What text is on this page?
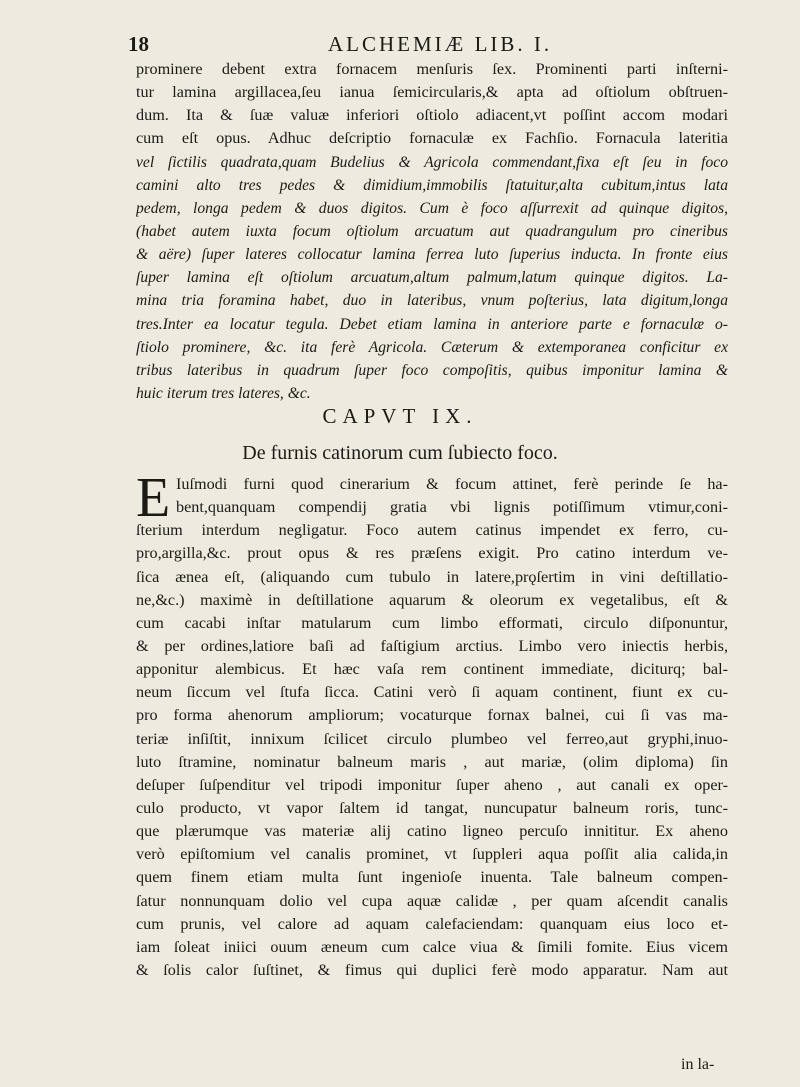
18	ALCHEMIÆ LIB. I.
prominere debent extra fornacem menſuris ſex. Prominenti parti inſterni-
tur lamina argillacea,ſeu ianua ſemicircularis,& apta ad oſtiolum obſtruen-
dum. Ita & ſuæ valuæ inferiori oſtiolo adiacent,vt poſſint accom modari
cum eſt opus. Adhuc deſcriptio fornaculæ ex Fachſio. Fornacula lateritia
vel ſictilis quadrata,quam Budelius & Agricola commendant,fixa eſt ſeu in foco
camini alto tres pedes & dimidium,immobilis ſtatuitur,alta cubitum,intus lata
pedem, longa pedem & duos digitos. Cum è foco aſſurrexit ad quinque digitos,
(habet autem iuxta focum oſtiolum arcuatum aut quadrangulum pro cineribus
& aëre) ſuper lateres collocatur lamina ferrea luto ſuperius inducta. In fronte eius
ſuper lamina eſt oſtiolum arcuatum,altum palmum,latum quinque digitos. La-
mina tria foramina habet, duo in lateribus, vnum poſterius, lata digitum,longa
tres.Inter ea locatur tegula. Debet etiam lamina in anteriore parte e fornaculæ o-
ſtiolo prominere, &c. ita ferè Agricola. Cæterum & extemporanea conficitur ex
tribus lateribus in quadrum ſuper foco compoſitis, quibus imponitur lamina &
huic iterum tres lateres, &c.
CAPVT IX.
De furnis catinorum cum ſubiecto foco.
E Iuſmodi furni quod cinerarium & focum attinet, ferè perinde ſe ha-
bent,quanquam compendij gratia vbi lignis potiſſimum vtimur,coni-
ſterium interdum negligatur. Foco autem catinus impendet ex ferro, cu-
pro,argilla,&c. prout opus & res præſens exigit. Pro catino interdum ve-
ſica ænea eſt, (aliquando cum tubulo in latere,prǫſertim in vini deſtillatio-
ne,&c.) maximè in deſtillatione aquarum & oleorum ex vegetalibus, eſt &
cum cacabi inſtar matularum cum limbo efformati, circulo diſponuntur,
& per ordines,latiore baſi ad faſtigium arctius. Limbo vero iniectis herbis,
apponitur alembicus. Et hæc vaſa rem continent immediate, diciturq; bal-
neum ſiccum vel ſtufa ſicca. Catini verò ſi aquam continent, fiunt ex cu-
pro forma ahenorum ampliorum; vocaturque fornax balnei, cui ſi vas ma-
teriæ inſiſtit, innixum ſcilicet circulo plumbeo vel ferreo,aut gryphi,inuo-
luto ſtramine, nominatur balneum maris , aut mariæ, (olim diploma) ſin
deſuper ſuſpenditur vel tripodi imponitur ſuper aheno , aut canali ex oper-
culo producto, vt vapor ſaltem id tangat, nuncupatur balneum roris, tunc-
que plærumque vas materiæ alij catino ligneo percuſo innititur. Ex aheno
verò epiſtomium vel canalis prominet, vt ſuppleri aqua poſſit alia calida,in
quem finem etiam multa ſunt ingenioſe inuenta. Tale balneum compen-
ſatur nonnunquam dolio vel cupa aquæ calidæ , per quam aſcendit canalis
cum prunis, vel calore ad aquam calefaciendam: quanquam eius loco et-
iam ſoleat iniici ouum æneum cum calce viua & ſimili fomite. Eius vicem
& ſolis calor ſuſtinet, & fimus qui duplici ferè modo apparatur. Nam aut
in la-
